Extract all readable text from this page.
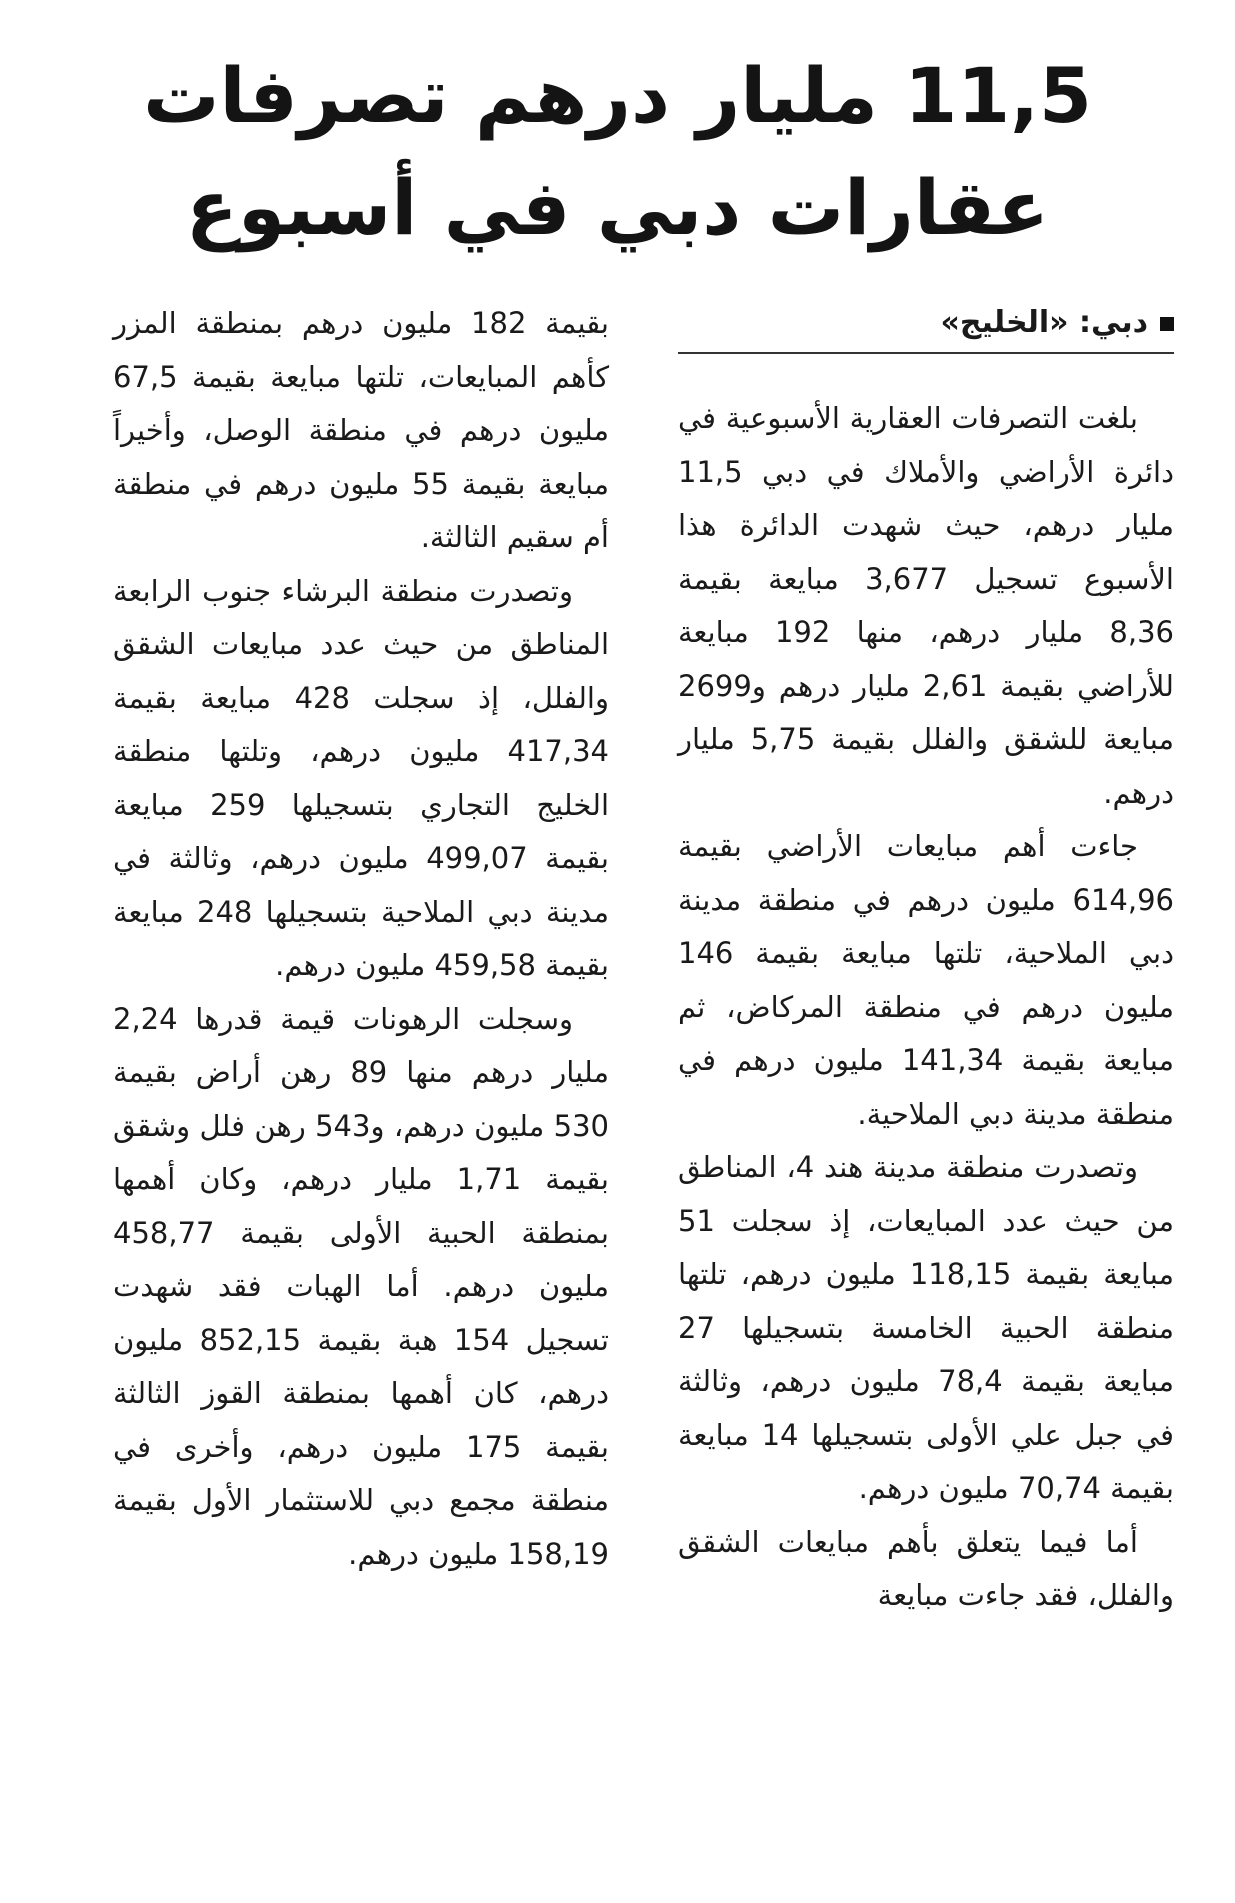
11,5 مليار درهم تصرفات
عقارات دبي في أسبوع
دبي: «الخليج»

بلغت التصرفات العقارية الأسبوعية في دائرة الأراضي والأملاك في دبي 11,5 مليار درهم، حيث شهدت الدائرة هذا الأسبوع تسجيل 3,677 مبايعة بقيمة 8,36 مليار درهم، منها 192 مبايعة للأراضي بقيمة 2,61 مليار درهم و2699 مبايعة للشقق والفلل بقيمة 5,75 مليار درهم.

جاءت أهم مبايعات الأراضي بقيمة 614,96 مليون درهم في منطقة مدينة دبي الملاحية، تلتها مبايعة بقيمة 146 مليون درهم في منطقة المركاض، ثم مبايعة بقيمة 141,34 مليون درهم في منطقة مدينة دبي الملاحية.

وتصدرت منطقة مدينة هند 4، المناطق من حيث عدد المبايعات، إذ سجلت 51 مبايعة بقيمة 118,15 مليون درهم، تلتها منطقة الحبية الخامسة بتسجيلها 27 مبايعة بقيمة 78,4 مليون درهم، وثالثة في جبل علي الأولى بتسجيلها 14 مبايعة بقيمة 70,74 مليون درهم.

أما فيما يتعلق بأهم مبايعات الشقق والفلل، فقد جاءت مبايعة

بقيمة 182 مليون درهم بمنطقة المزر كأهم المبايعات، تلتها مبايعة بقيمة 67,5 مليون درهم في منطقة الوصل، وأخيراً مبايعة بقيمة 55 مليون درهم في منطقة أم سقيم الثالثة.

وتصدرت منطقة البرشاء جنوب الرابعة المناطق من حيث عدد مبايعات الشقق والفلل، إذ سجلت 428 مبايعة بقيمة 417,34 مليون درهم، وتلتها منطقة الخليج التجاري بتسجيلها 259 مبايعة بقيمة 499,07 مليون درهم، وثالثة في مدينة دبي الملاحية بتسجيلها 248 مبايعة بقيمة 459,58 مليون درهم.

وسجلت الرهونات قيمة قدرها 2,24 مليار درهم منها 89 رهن أراض بقيمة 530 مليون درهم، و543 رهن فلل وشقق بقيمة 1,71 مليار درهم، وكان أهمها بمنطقة الحبية الأولى بقيمة 458,77 مليون درهم. أما الهبات فقد شهدت تسجيل 154 هبة بقيمة 852,15 مليون درهم، كان أهمها بمنطقة القوز الثالثة بقيمة 175 مليون درهم، وأخرى في منطقة مجمع دبي للاستثمار الأول بقيمة 158,19 مليون درهم.
